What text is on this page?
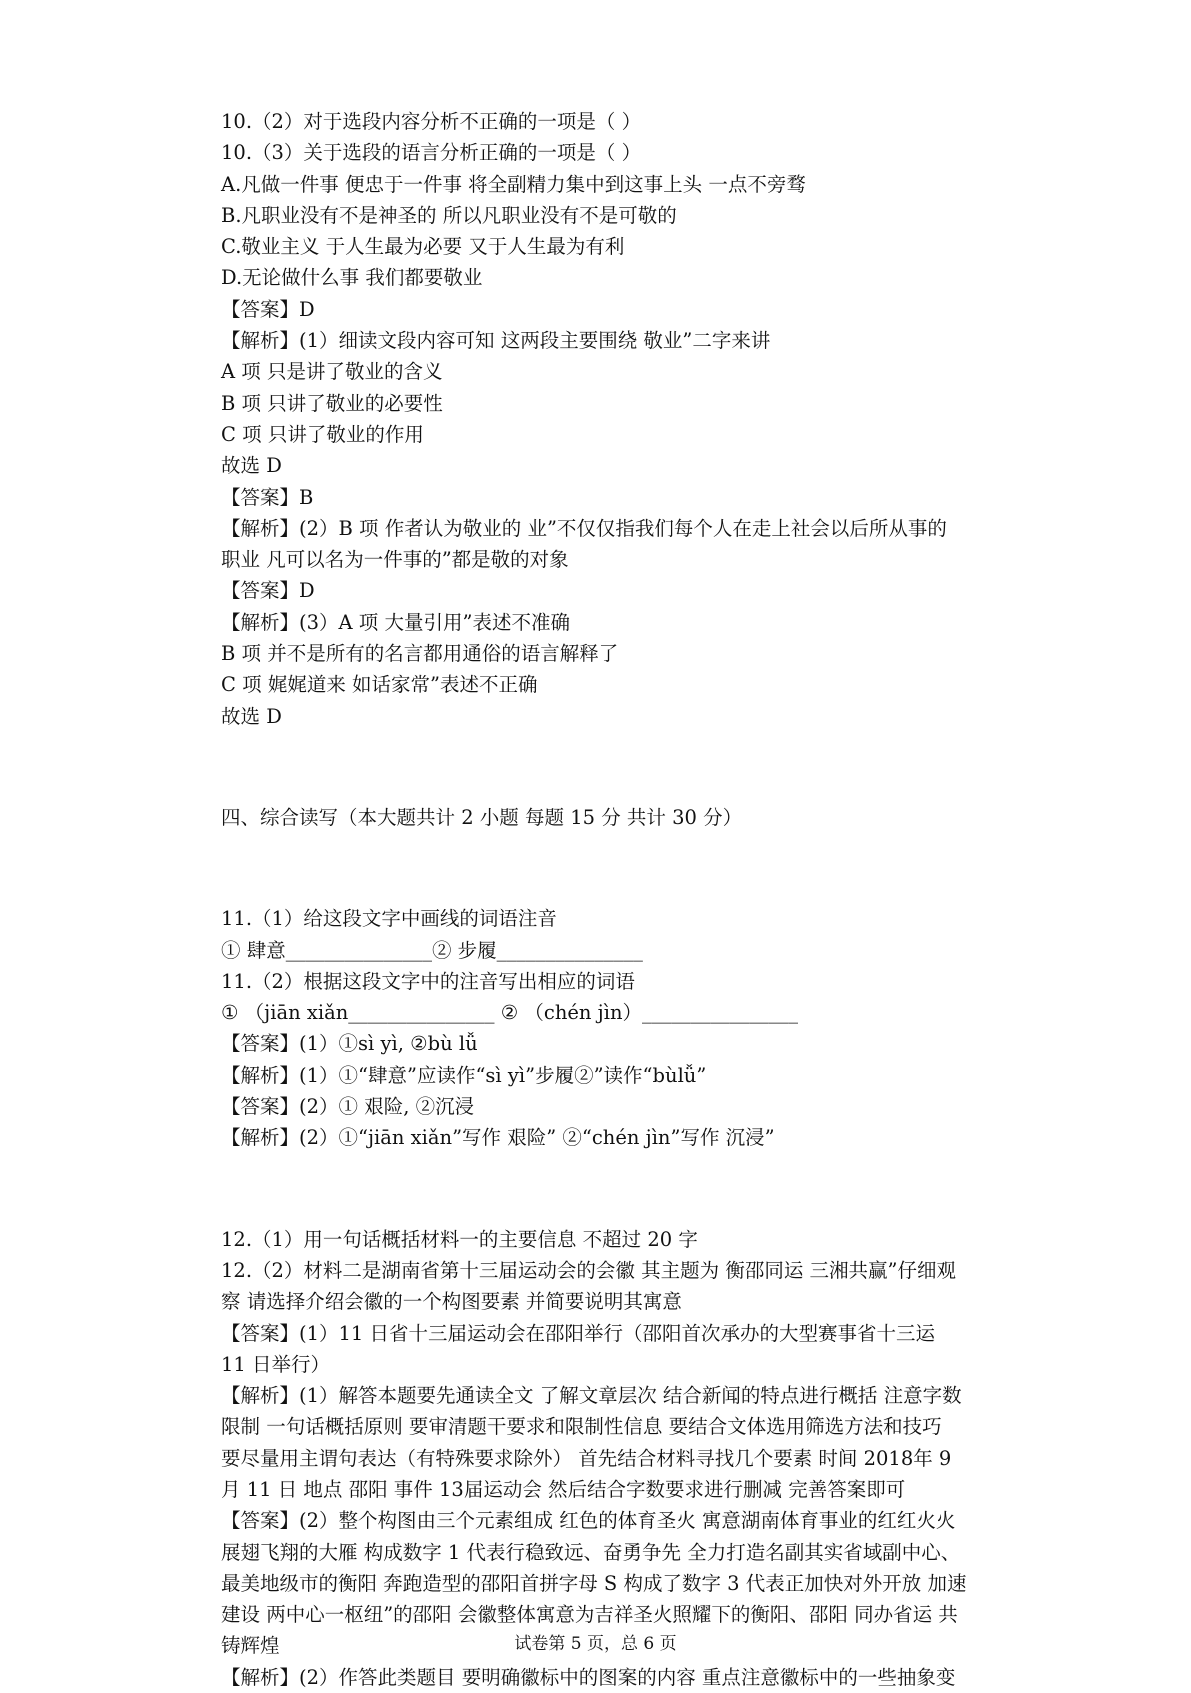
10.（2）对于选段内容分析不正确的一项是（ ）

10.（3）关于选段的语言分析正确的一项是（ ）

A.凡做一件事 便忠于一件事 将全副精力集中到这事上头 一点不旁骛

B.凡职业没有不是神圣的 所以凡职业没有不是可敬的

C.敬业主义 于人生最为必要 又于人生最为有利

D.无论做什么事 我们都要敬业

【答案】D

【解析】(1）细读文段内容可知 这两段主要围绕 敬业”二字来讲

A 项 只是讲了敬业的含义

B 项 只讲了敬业的必要性

C 项 只讲了敬业的作用

故选 D

【答案】B

【解析】(2）B 项 作者认为敬业的 业”不仅仅指我们每个人在走上社会以后所从事的

职业 凡可以名为一件事的”都是敬的对象

【答案】D

【解析】(3）A 项 大量引用”表述不准确

B 项 并不是所有的名言都用通俗的语言解释了

C 项 娓娓道来 如话家常”表述不正确

故选 D

四、综合读写（本大题共计 2 小题 每题 15 分 共计 30 分）

11.（1）给这段文字中画线的词语注音

① 肆意_______________② 步履_______________

11.（2）根据这段文字中的注音写出相应的词语

① （jiān xiǎn_______________ ② （chén jìn）________________

【答案】(1）①sì yì, ②bù lǚ

【解析】(1）①“肆意”应读作“sì yì”步履②”读作“bùlǚ”

【答案】(2）① 艰险, ②沉浸

【解析】(2）①“jiān xiǎn”写作 艰险” ②“chén jìn”写作 沉浸”

12.（1）用一句话概括材料一的主要信息 不超过 20 字

12.（2）材料二是湖南省第十三届运动会的会徽 其主题为 衡邵同运 三湘共赢”仔细观

察 请选择介绍会徽的一个构图要素 并简要说明其寓意

【答案】(1）11 日省十三届运动会在邵阳举行（邵阳首次承办的大型赛事省十三运

11 日举行）

【解析】(1）解答本题要先通读全文 了解文章层次 结合新闻的特点进行概括 注意字数

限制 一句话概括原则 要审清题干要求和限制性信息 要结合文体选用筛选方法和技巧

要尽量用主谓句表达（有特殊要求除外） 首先结合材料寻找几个要素 时间 2018年 9

月 11 日 地点 邵阳 事件 13届运动会 然后结合字数要求进行删减 完善答案即可

【答案】(2）整个构图由三个元素组成 红色的体育圣火 寓意湖南体育事业的红红火火

展翅飞翔的大雁 构成数字 1 代表行稳致远、奋勇争先 全力打造名副其实省域副中心、

最美地级市的衡阳 奔跑造型的邵阳首拼字母 S 构成了数字 3 代表正加快对外开放 加速

建设 两中心一枢纽”的邵阳 会徽整体寓意为吉祥圣火照耀下的衡阳、邵阳 同办省运 共

铸辉煌

【解析】(2）作答此类题目 要明确徽标中的图案的内容 重点注意徽标中的一些抽象变

试卷第 5 页，总 6 页
